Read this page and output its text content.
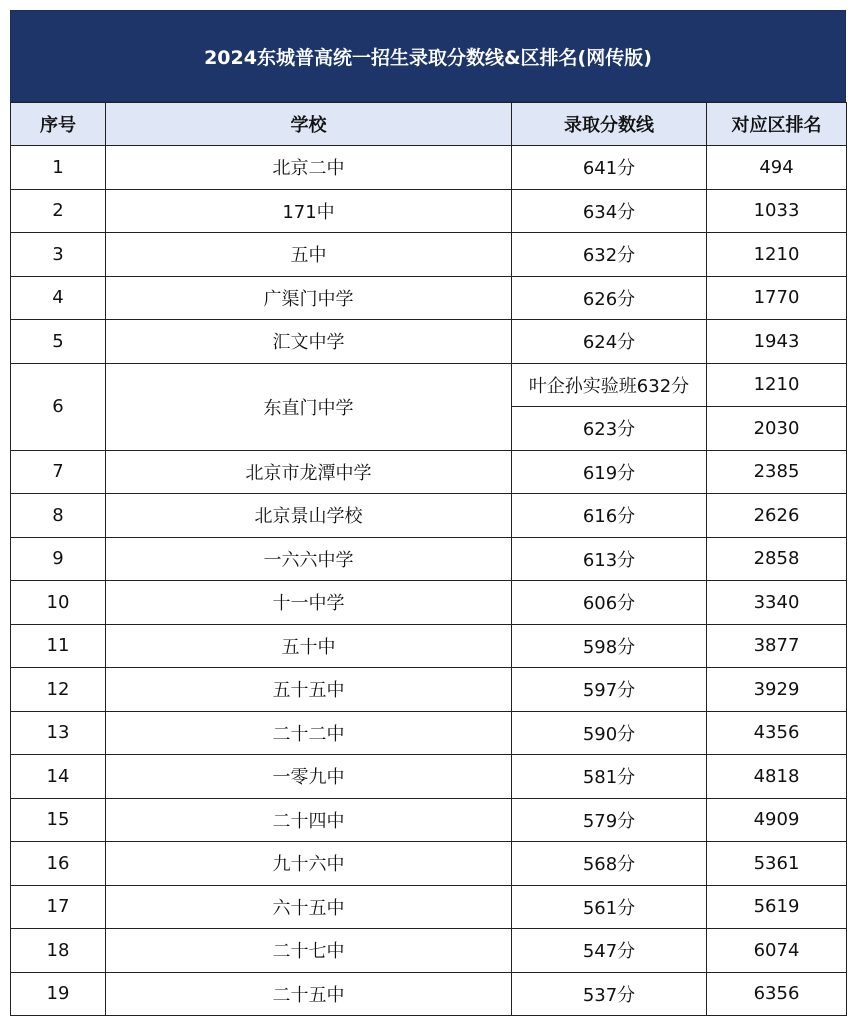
2024东城普高统一招生录取分数线&区排名(网传版)
序号	学校	录取分数线	对应区排名
1	北京二中	641分	494
2	171中	634分	1033
3	五中	632分	1210
4	广渠门中学	626分	1770
5	汇文中学	624分	1943
6	东直门中学	叶企孙实验班632分	1210
		623分	2030
7	北京市龙潭中学	619分	2385
8	北京景山学校	616分	2626
9	一六六中学	613分	2858
10	十一中学	606分	3340
11	五十中	598分	3877
12	五十五中	597分	3929
13	二十二中	590分	4356
14	一零九中	581分	4818
15	二十四中	579分	4909
16	九十六中	568分	5361
17	六十五中	561分	5619
18	二十七中	547分	6074
19	二十五中	537分	6356
